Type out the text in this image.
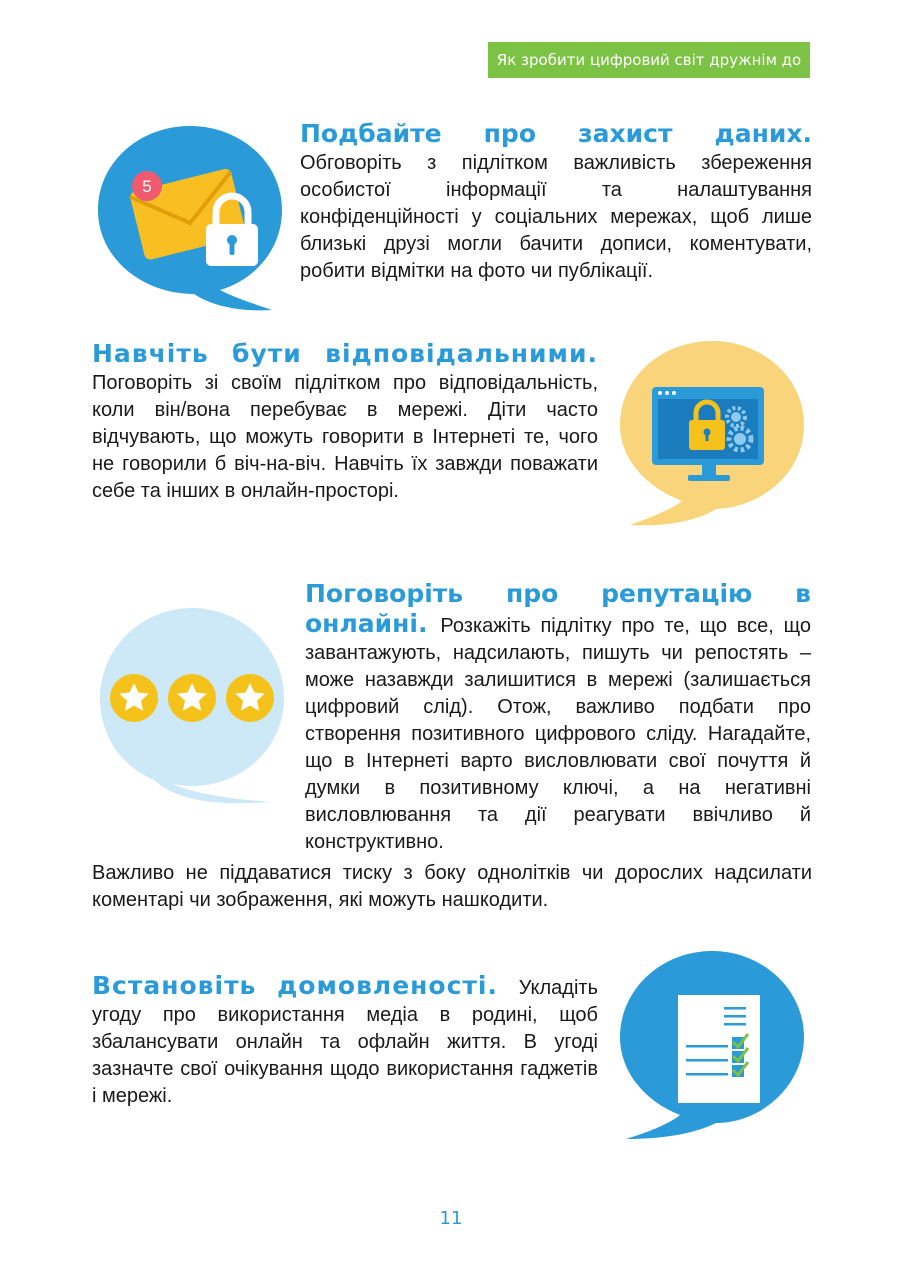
Як зробити цифровий світ дружнім до
5
Подбайте про захист даних. Обговоріть з підлітком важливість збереження особистої інформації та налаштування конфіденційності у соціальних мережах, щоб лише близькі друзі могли бачити дописи, коментувати, робити відмітки на фото чи публікації.
Навчіть бути відповідальними. Поговоріть зі своїм підлітком про відповідальність, коли він/вона перебуває в мережі. Діти часто відчувають, що можуть говорити в Інтернеті те, чого не говорили б віч-на-віч. Навчіть їх завжди поважати себе та інших в онлайн-просторі.
Поговоріть про репутацію в онлайні. Розкажіть підлітку про те, що все, що завантажують, надсилають, пишуть чи репостять – може назавжди залишитися в мережі (залишається цифровий слід). Отож, важливо подбати про створення позитивного цифрового сліду. Нагадайте, що в Інтернеті варто висловлювати свої почуття й думки в позитивному ключі, а на негативні висловлювання та дії реагувати ввічливо й конструктивно.
Важливо не піддаватися тиску з боку однолітків чи дорослих надсилати коментарі чи зображення, які можуть нашкодити.
Встановіть домовленості. Укладіть угоду про використання медіа в родині, щоб збалансувати онлайн та офлайн життя. В угоді зазначте свої очікування щодо використання гаджетів і мережі.
11
